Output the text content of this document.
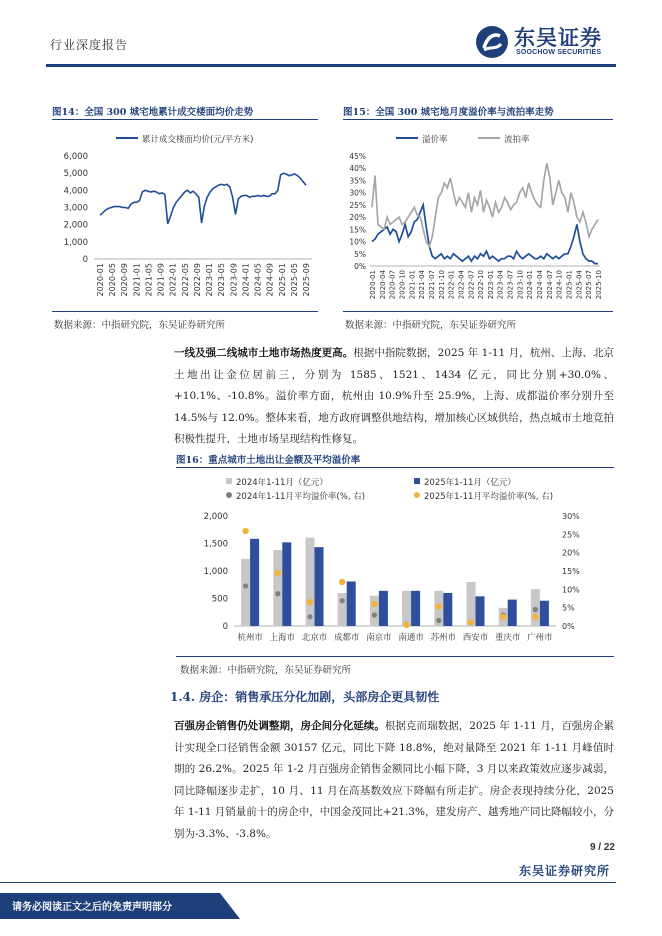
行业深度报告	东吴证券
SOOCHOW SECURITIES
图14：全国 300 城宅地累计成交楼面均价走势
累计成交楼面均价(元/平方米)
0
1,000
2,000
3,000
4,000
5,000
6,000
2020-01 2020-05 2020-09 2021-01 2021-05 2021-09 2022-01 2022-05 2022-09 2023-01 2023-05 2023-09 2024-01 2024-05 2024-09 2025-01 2025-05 2025-09
数据来源：中指研究院，东吴证券研究所
图15：全国 300 城宅地月度溢价率与流拍率走势
溢价率	流拍率
0%
5%
10%
15%
20%
25%
30%
35%
40%
45%
2020-01 2020-04 2020-07 2020-10 2021-01 2021-04 2021-07 2021-10 2022-01 2022-04 2022-07 2022-10 2023-01 2023-04 2023-07 2023-10 2024-01 2024-04 2024-07 2024-10 2025-01 2025-04 2025-07 2025-10
数据来源：中指研究院，东吴证券研究所
一线及强二线城市土地市场热度更高。根据中指院数据，2025 年 1-11 月，杭州、上海、北京土地出让金位居前三，分别为 1585、1521、1434 亿元，同比分别+30.0%、+10.1%、-10.8%。溢价率方面，杭州由 10.9%升至 25.9%，上海、成都溢价率分别升至 14.5%与 12.0%。整体来看，地方政府调整供地结构，增加核心区域供给，热点城市土地竞拍积极性提升，土地市场呈现结构性修复。
图16：重点城市土地出让金额及平均溢价率
2024年1-11月（亿元）	2025年1-11月（亿元）
2024年1-11月平均溢价率(%, 右)	2025年1-11月平均溢价率(%, 右)
0
500
1,000
1,500
2,000
0%
5%
10%
15%
20%
25%
30%
杭州市 上海市 北京市 成都市 南京市 南通市 苏州市 西安市 重庆市 广州市
数据来源：中指研究院，东吴证券研究所
1.4. 房企：销售承压分化加剧，头部房企更具韧性
百强房企销售仍处调整期，房企间分化延续。根据克而瑞数据，2025 年 1-11 月，百强房企累计实现全口径销售金额 30157 亿元，同比下降 18.8%，绝对量降至 2021 年 1-11 月峰值时期的 26.2%。2025 年 1-2 月百强房企销售金额同比小幅下降，3 月以来政策效应逐步减弱，同比降幅逐步走扩，10 月、11 月在高基数效应下降幅有所走扩。房企表现持续分化，2025 年 1-11 月销量前十的房企中，中国金茂同比+21.3%，建发房产、越秀地产同比降幅较小，分别为-3.3%、-3.8%。
9 / 22
东吴证券研究所
请务必阅读正文之后的免责声明部分
